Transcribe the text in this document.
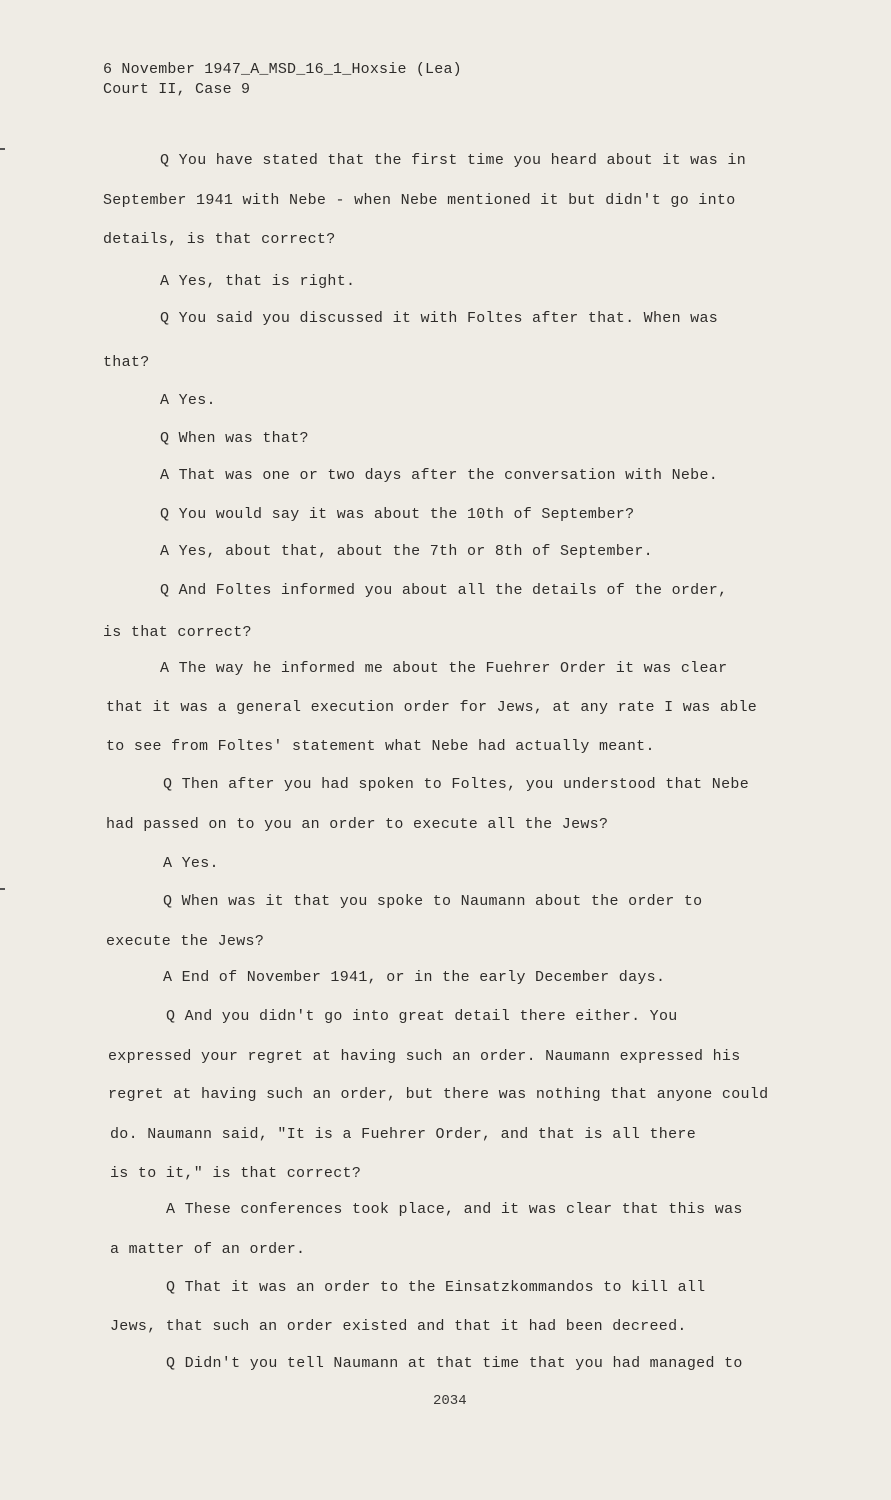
6 November 1947_A_MSD_16_1_Hoxsie (Lea)
Court II, Case 9
Q You have stated that the first time you heard about it was in
September 1941 with Nebe - when Nebe mentioned it but didn't go into
details, is that correct?
A Yes, that is right.
Q You said you discussed it with Foltes after that. When was
that?
A Yes.
Q When was that?
A That was one or two days after the conversation with Nebe.
Q You would say it was about the 10th of September?
A Yes, about that, about the 7th or 8th of September.
Q And Foltes informed you about all the details of the order,
is that correct?
A The way he informed me about the Fuehrer Order it was clear
that it was a general execution order for Jews, at any rate I was able
to see from Foltes' statement what Nebe had actually meant.
Q Then after you had spoken to Foltes, you understood that Nebe
had passed on to you an order to execute all the Jews?
A Yes.
Q When was it that you spoke to Naumann about the order to
execute the Jews?
A End of November 1941, or in the early December days.
Q And you didn't go into great detail there either. You
expressed your regret at having such an order. Naumann expressed his
regret at having such an order, but there was nothing that anyone could
do. Naumann said, "It is a Fuehrer Order, and that is all there
is to it," is that correct?
A These conferences took place, and it was clear that this was
a matter of an order.
Q That it was an order to the Einsatzkommandos to kill all
Jews, that such an order existed and that it had been decreed.
Q Didn't you tell Naumann at that time that you had managed to
2034
